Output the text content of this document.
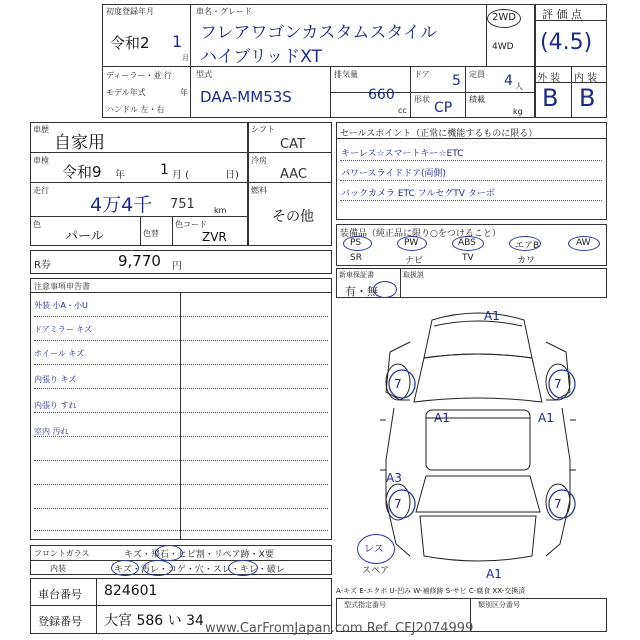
初度登録年月
令和2 1
月
車名・グレード
フレアワゴンカスタムスタイル
ハイブリッドXT
2WD
4WD
ディーラー・並 行
モデル年式	年
ハンドル 左・右
型式
DAA-MM53S
排気量
660
cc
ドア 5 定員 4 人
形状
CP
積載
kg
評 価 点
(4.5)
外 装 内 装
B B
車歴
自家用
車検
令和9 年	1 月 (	日)
走行
4万4千 751 km
色
パール	色替
色コード
ZVR
シフト
CAT
冷房
AAC
燃料
その他
R券	9,770 円
セールスポイント（正常に機能するものに限る）
キーレス☆スマートキー☆ETC
パワースライドドア(両側)
バックカメラ ETC フルセグTV ターボ
装備品（純正品に限り○をつけること）
PS	PW	ABS	エアB	AW
SR	ナビ	TV	カワ
新車保証書	取扱説
有・無
注意事項申告書
外装 小A・小U
ドアミラー キズ
ホイール キズ
内張り キズ
内張り すれ
室内 汚れ
A1
7	7
A1	A1
A3
7	7
A1
レス
スペア
A-キズ E-エクボ U-凹み W-補修跡 S-サビ C-腐食 XX-交換済
フロントガラス	キズ・飛石・ヒビ割・リペア跡・X要
内装	キズ・汚レ・コゲ・穴・スレ・キレ・破レ
車台番号 824601
登録番号 大宮 586 い 34
型式指定番号	類別区分番号
www.CarFromJapan.com Ref. CFJ2074999
